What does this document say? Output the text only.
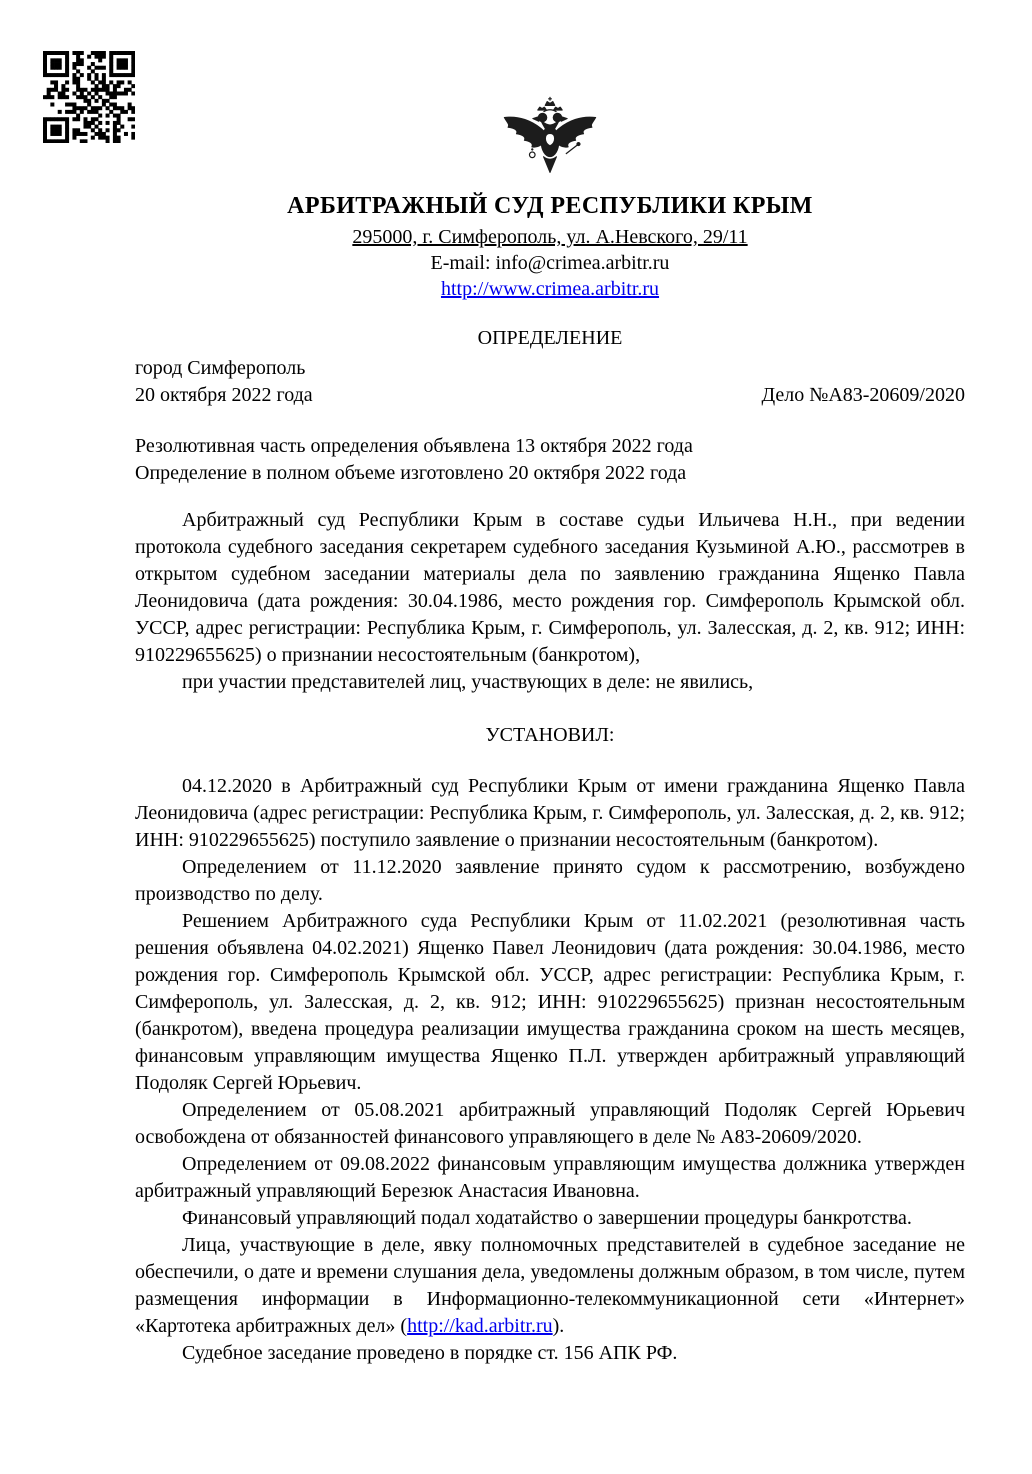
АРБИТРАЖНЫЙ СУД РЕСПУБЛИКИ КРЫМ
295000, г. Симферополь, ул. А.Невского, 29/11
E-mail: info@crimea.arbitr.ru
http://www.crimea.arbitr.ru
ОПРЕДЕЛЕНИЕ
город Симферополь
20 октября 2022 года	Дело №А83-20609/2020
Резолютивная часть определения объявлена 13 октября 2022 года
Определение в полном объеме изготовлено 20 октября 2022 года

Арбитражный суд Республики Крым в составе судьи Ильичева Н.Н., при ведении протокола судебного заседания секретарем судебного заседания Кузьминой А.Ю., рассмотрев в открытом судебном заседании материалы дела по заявлению гражданина Ященко Павла Леонидовича (дата рождения: 30.04.1986, место рождения гор. Симферополь Крымской обл. УССР, адрес регистрации: Республика Крым, г. Симферополь, ул. Залесская, д. 2, кв. 912; ИНН: 910229655625) о признании несостоятельным (банкротом),

при участии представителей лиц, участвующих в деле: не явились,

УСТАНОВИЛ:

04.12.2020 в Арбитражный суд Республики Крым от имени гражданина Ященко Павла Леонидовича (адрес регистрации: Республика Крым, г. Симферополь, ул. Залесская, д. 2, кв. 912; ИНН: 910229655625) поступило заявление о признании несостоятельным (банкротом).

Определением от 11.12.2020 заявление принято судом к рассмотрению, возбуждено производство по делу.

Решением Арбитражного суда Республики Крым от 11.02.2021 (резолютивная часть решения объявлена 04.02.2021) Ященко Павел Леонидович (дата рождения: 30.04.1986, место рождения гор. Симферополь Крымской обл. УССР, адрес регистрации: Республика Крым, г. Симферополь, ул. Залесская, д. 2, кв. 912; ИНН: 910229655625) признан несостоятельным (банкротом), введена процедура реализации имущества гражданина сроком на шесть месяцев, финансовым управляющим имущества Ященко П.Л. утвержден арбитражный управляющий Подоляк Сергей Юрьевич.

Определением от 05.08.2021 арбитражный управляющий Подоляк Сергей Юрьевич освобождена от обязанностей финансового управляющего в деле № А83-20609/2020.

Определением от 09.08.2022 финансовым управляющим имущества должника утвержден арбитражный управляющий Березюк Анастасия Ивановна.

Финансовый управляющий подал ходатайство о завершении процедуры банкротства.

Лица, участвующие в деле, явку полномочных представителей в судебное заседание не обеспечили, о дате и времени слушания дела, уведомлены должным образом, в том числе, путем размещения информации в Информационно-телекоммуникационной сети «Интернет» «Картотека арбитражных дел» (http://kad.arbitr.ru).

Судебное заседание проведено в порядке ст. 156 АПК РФ.
